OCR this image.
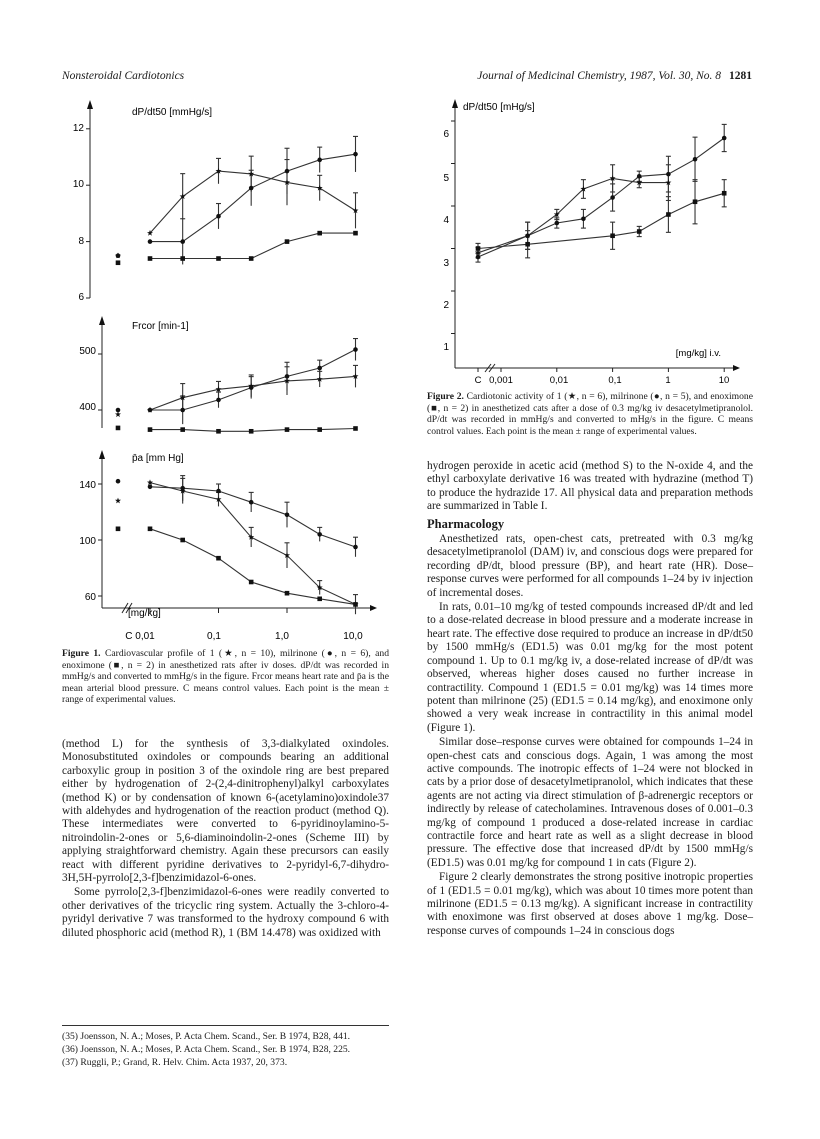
Nonsteroidal Cardiotonics	Journal of Medicinal Chemistry, 1987, Vol. 30, No. 8 1281
dP/dt50 [mmHg/s]
Frcor [min-1]
p̄a [mm Hg]
[mg/kg]
12
10
8
6
500
400
140
100
60
C 0,01	0,1	1,0	10,0
Figure 1. Cardiovascular profile of 1 (★, n = 10), milrinone (●, n = 6), and enoximone (■, n = 2) in anesthetized rats after iv doses. dP/dt was recorded in mmHg/s and converted to mmHg/s in the figure. Frcor means heart rate and p̄a is the mean arterial blood pressure. C means control values. Each point is the mean ± range of experimental values.

(method L) for the synthesis of 3,3-dialkylated oxindoles. Monosubstituted oxindoles or compounds bearing an additional carboxylic group in position 3 of the oxindole ring are best prepared either by hydrogenation of 2-(2,4-dinitrophenyl)alkyl carboxylates (method K) or by condensation of known 6-(acetylamino)oxindole37 with aldehydes and hydrogenation of the reaction product (method Q). These intermediates were converted to 6-pyridinoylamino-5-nitroindolin-2-ones or 5,6-diaminoindolin-2-ones (Scheme III) by applying straightforward chemistry. Again these precursors can easily react with different pyridine derivatives to 2-pyridyl-6,7-dihydro-3H,5H-pyrrolo[2,3-f]benzimidazol-6-ones.

Some pyrrolo[2,3-f]benzimidazol-6-ones were readily converted to other derivatives of the tricyclic ring system. Actually the 3-chloro-4-pyridyl derivative 7 was transformed to the hydroxy compound 6 with diluted phosphoric acid (method R), 1 (BM 14.478) was oxidized with

(35) Joensson, N. A.; Moses, P. Acta Chem. Scand., Ser. B 1974, B28, 441.
(36) Joensson, N. A.; Moses, P. Acta Chem. Scand., Ser. B 1974, B28, 225.
(37) Ruggli, P.; Grand, R. Helv. Chim. Acta 1937, 20, 373.
dP/dt50 [mHg/s]
[mg/kg] i.v.
6
5
4
3
2
1
C 0,001	0,01	0,1	1	10
Figure 2. Cardiotonic activity of 1 (★, n = 6), milrinone (●, n = 5), and enoximone (■, n = 2) in anesthetized cats after a dose of 0.3 mg/kg iv desacetylmetipranolol. dP/dt was recorded in mmHg/s and converted to mHg/s in the figure. C means control values. Each point is the mean ± range of experimental values.

hydrogen peroxide in acetic acid (method S) to the N-oxide 4, and the ethyl carboxylate derivative 16 was treated with hydrazine (method T) to produce the hydrazide 17. All physical data and preparation methods are summarized in Table I.

Pharmacology

Anesthetized rats, open-chest cats, pretreated with 0.3 mg/kg desacetylmetipranolol (DAM) iv, and conscious dogs were prepared for recording dP/dt, blood pressure (BP), and heart rate (HR). Dose–response curves were performed for all compounds 1–24 by iv injection of incremental doses.

In rats, 0.01–10 mg/kg of tested compounds increased dP/dt and led to a dose-related decrease in blood pressure and a moderate increase in heart rate. The effective dose required to produce an increase in dP/dt50 by 1500 mmHg/s (ED1.5) was 0.01 mg/kg for the most potent compound 1. Up to 0.1 mg/kg iv, a dose-related increase of dP/dt was observed, whereas higher doses caused no further increase in contractility. Compound 1 (ED1.5 = 0.01 mg/kg) was 14 times more potent than milrinone (25) (ED1.5 = 0.14 mg/kg), and enoximone only showed a very weak increase in contractility in this animal model (Figure 1).

Similar dose–response curves were obtained for compounds 1–24 in open-chest cats and conscious dogs. Again, 1 was among the most active compounds. The inotropic effects of 1–24 were not blocked in cats by a prior dose of desacetylmetipranolol, which indicates that these agents are not acting via direct stimulation of β-adrenergic receptors or indirectly by release of catecholamines. Intravenous doses of 0.001–0.3 mg/kg of compound 1 produced a dose-related increase in cardiac contractile force and heart rate as well as a slight decrease in blood pressure. The effective dose that increased dP/dt by 1500 mmHg/s (ED1.5) was 0.01 mg/kg for compound 1 in cats (Figure 2).

Figure 2 clearly demonstrates the strong positive inotropic properties of 1 (ED1.5 = 0.01 mg/kg), which was about 10 times more potent than milrinone (ED1.5 = 0.13 mg/kg). A significant increase in contractility with enoximone was first observed at doses above 1 mg/kg. Dose–response curves of compounds 1–24 in conscious dogs
